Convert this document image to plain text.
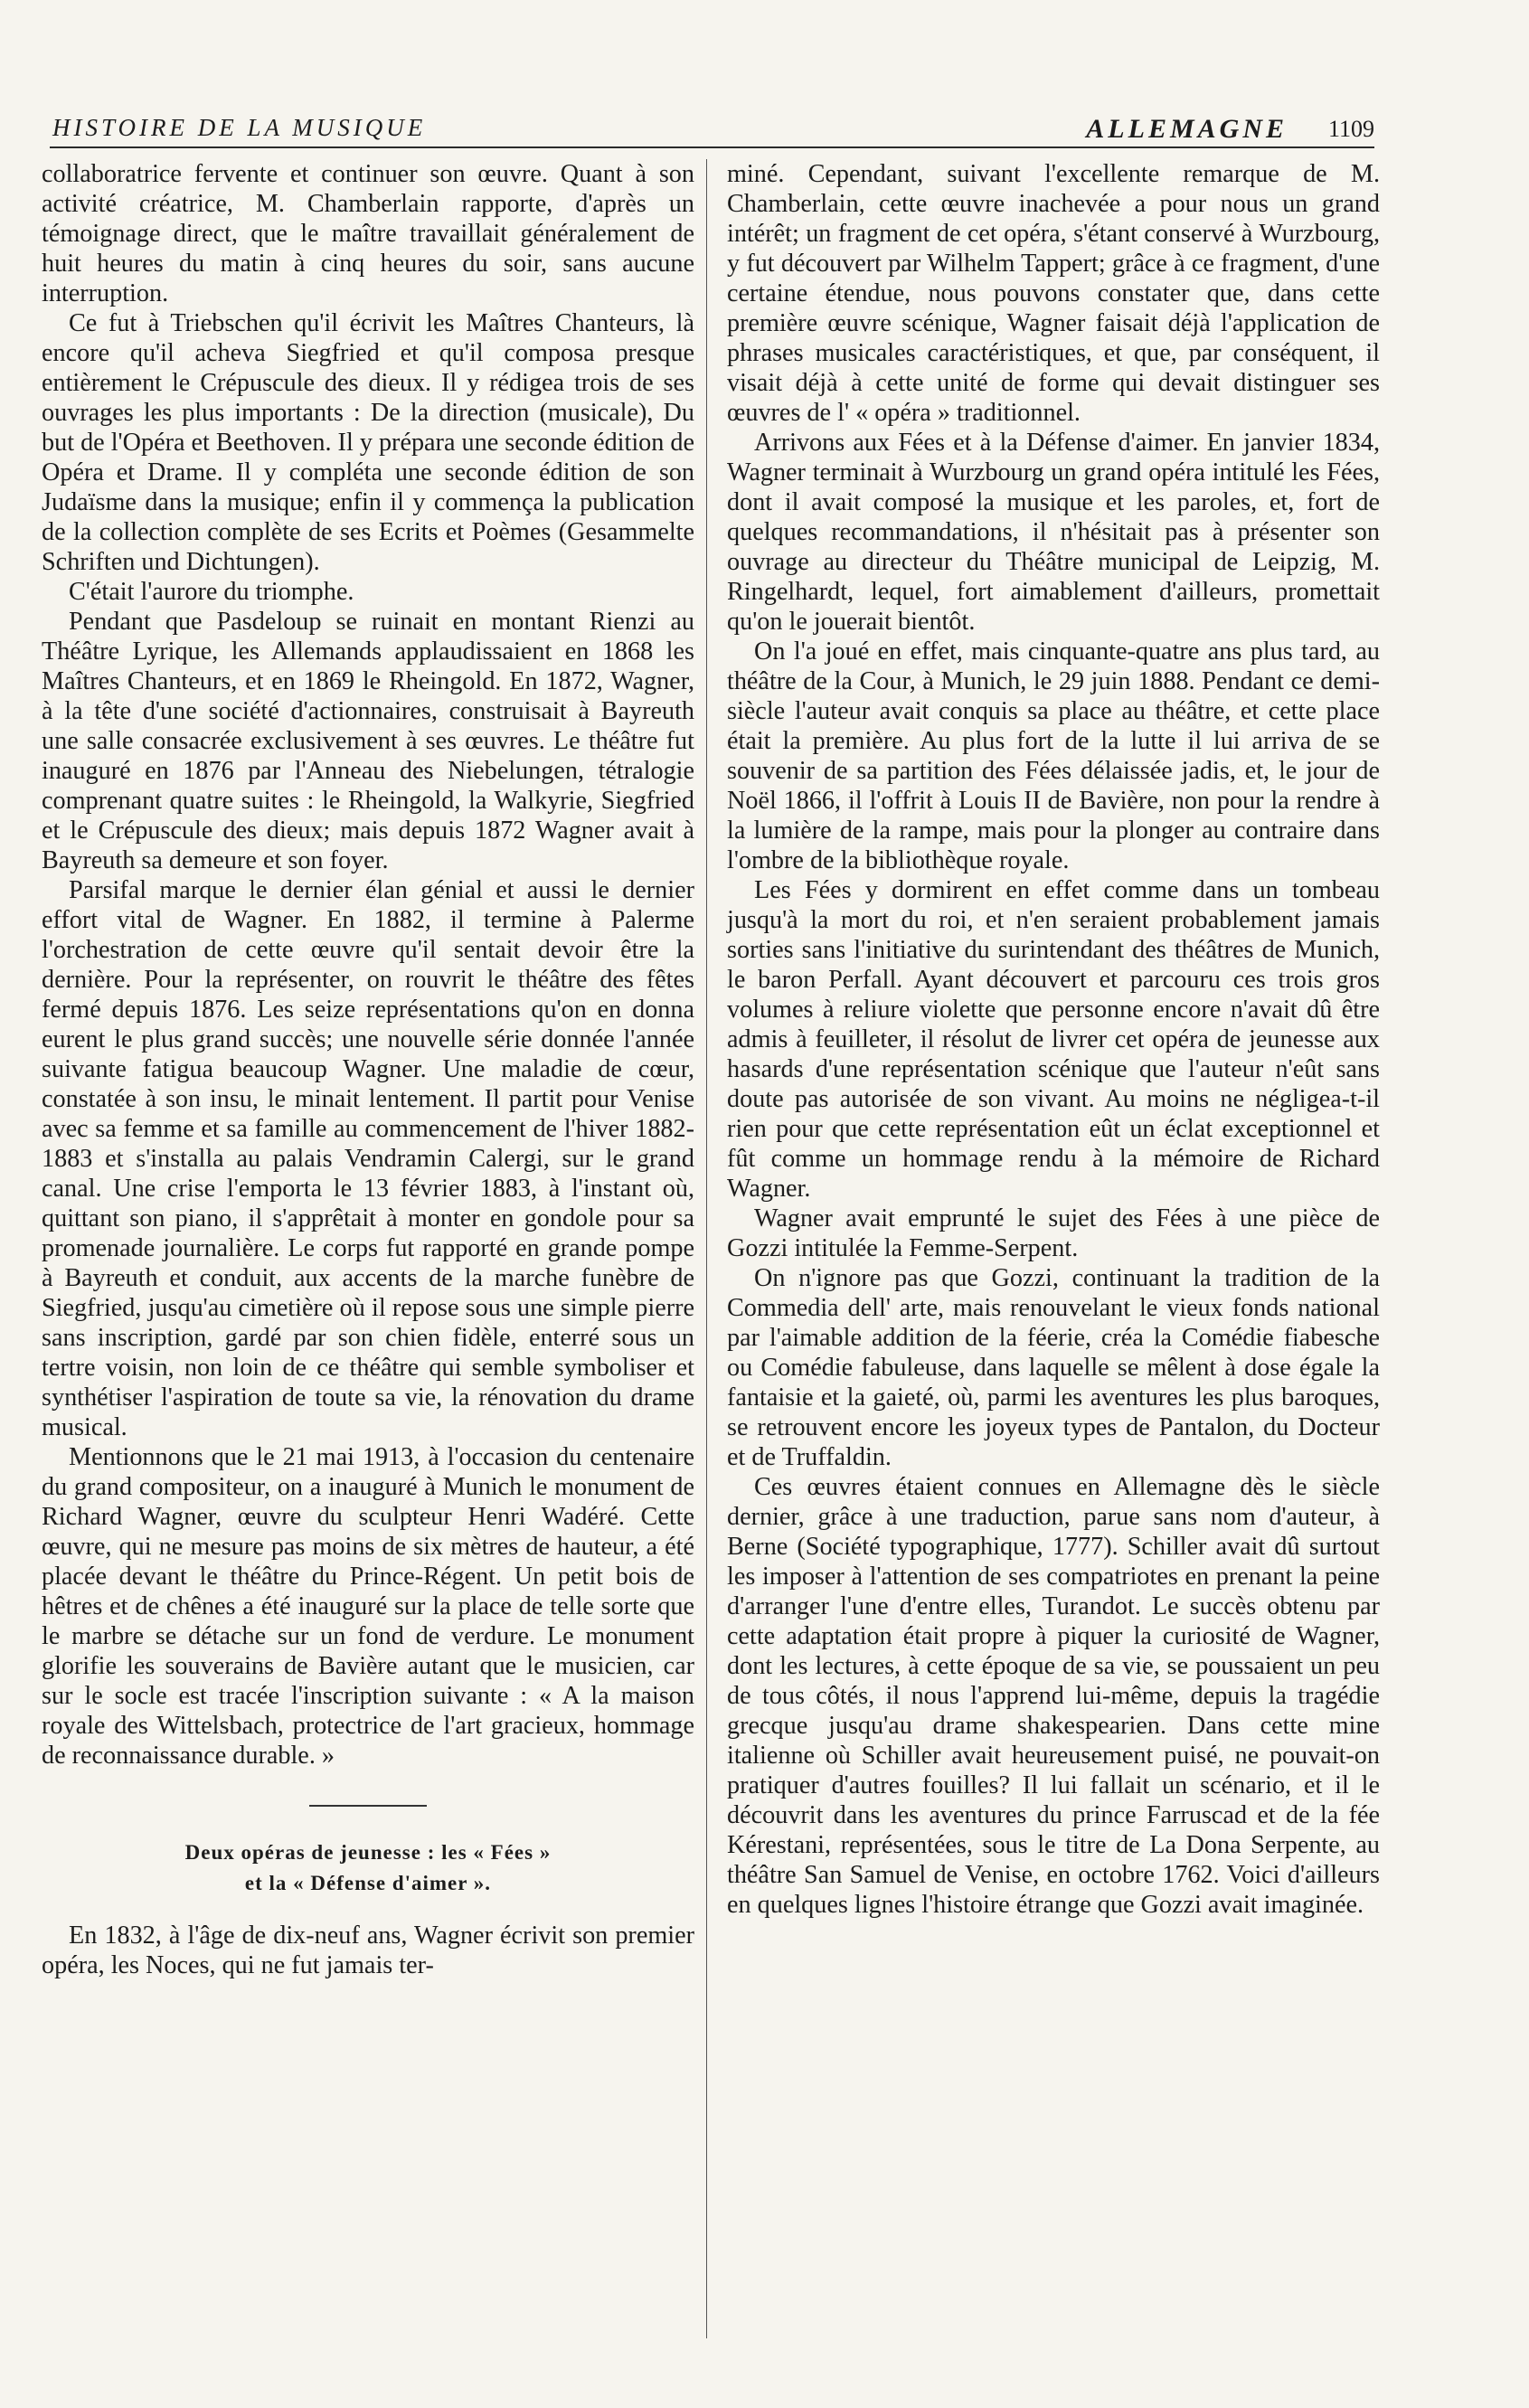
HISTOIRE DE LA MUSIQUE	ALLEMAGNE 1109

collaboratrice fervente et continuer son œuvre. Quant à son activité créatrice, M. Chamberlain rapporte, d'après un témoignage direct, que le maître travaillait généralement de huit heures du matin à cinq heures du soir, sans aucune interruption.

Ce fut à Triebschen qu'il écrivit les Maîtres Chanteurs, là encore qu'il acheva Siegfried et qu'il composa presque entièrement le Crépuscule des dieux. Il y rédigea trois de ses ouvrages les plus importants : De la direction (musicale), Du but de l'Opéra et Beethoven. Il y prépara une seconde édition de Opéra et Drame. Il y compléta une seconde édition de son Judaïsme dans la musique; enfin il y commença la publication de la collection complète de ses Ecrits et Poèmes (Gesammelte Schriften und Dichtungen).

C'était l'aurore du triomphe.

Pendant que Pasdeloup se ruinait en montant Rienzi au Théâtre Lyrique, les Allemands applaudissaient en 1868 les Maîtres Chanteurs, et en 1869 le Rheingold. En 1872, Wagner, à la tête d'une société d'actionnaires, construisait à Bayreuth une salle consacrée exclusivement à ses œuvres. Le théâtre fut inauguré en 1876 par l'Anneau des Niebelungen, tétralogie comprenant quatre suites : le Rheingold, la Walkyrie, Siegfried et le Crépuscule des dieux; mais depuis 1872 Wagner avait à Bayreuth sa demeure et son foyer.

Parsifal marque le dernier élan génial et aussi le dernier effort vital de Wagner. En 1882, il termine à Palerme l'orchestration de cette œuvre qu'il sentait devoir être la dernière. Pour la représenter, on rouvrit le théâtre des fêtes fermé depuis 1876. Les seize représentations qu'on en donna eurent le plus grand succès; une nouvelle série donnée l'année suivante fatigua beaucoup Wagner. Une maladie de cœur, constatée à son insu, le minait lentement. Il partit pour Venise avec sa femme et sa famille au commencement de l'hiver 1882-1883 et s'installa au palais Vendramin Calergi, sur le grand canal. Une crise l'emporta le 13 février 1883, à l'instant où, quittant son piano, il s'apprêtait à monter en gondole pour sa promenade journalière. Le corps fut rapporté en grande pompe à Bayreuth et conduit, aux accents de la marche funèbre de Siegfried, jusqu'au cimetière où il repose sous une simple pierre sans inscription, gardé par son chien fidèle, enterré sous un tertre voisin, non loin de ce théâtre qui semble symboliser et synthétiser l'aspiration de toute sa vie, la rénovation du drame musical.

Mentionnons que le 21 mai 1913, à l'occasion du centenaire du grand compositeur, on a inauguré à Munich le monument de Richard Wagner, œuvre du sculpteur Henri Wadéré. Cette œuvre, qui ne mesure pas moins de six mètres de hauteur, a été placée devant le théâtre du Prince-Régent. Un petit bois de hêtres et de chênes a été inauguré sur la place de telle sorte que le marbre se détache sur un fond de verdure. Le monument glorifie les souverains de Bavière autant que le musicien, car sur le socle est tracée l'inscription suivante : « A la maison royale des Wittelsbach, protectrice de l'art gracieux, hommage de reconnaissance durable. »

Deux opéras de jeunesse : les « Fées »
et la « Défense d'aimer ».

En 1832, à l'âge de dix-neuf ans, Wagner écrivit son premier opéra, les Noces, qui ne fut jamais ter-

miné. Cependant, suivant l'excellente remarque de M. Chamberlain, cette œuvre inachevée a pour nous un grand intérêt; un fragment de cet opéra, s'étant conservé à Wurzbourg, y fut découvert par Wilhelm Tappert; grâce à ce fragment, d'une certaine étendue, nous pouvons constater que, dans cette première œuvre scénique, Wagner faisait déjà l'application de phrases musicales caractéristiques, et que, par conséquent, il visait déjà à cette unité de forme qui devait distinguer ses œuvres de l' « opéra » traditionnel.

Arrivons aux Fées et à la Défense d'aimer. En janvier 1834, Wagner terminait à Wurzbourg un grand opéra intitulé les Fées, dont il avait composé la musique et les paroles, et, fort de quelques recommandations, il n'hésitait pas à présenter son ouvrage au directeur du Théâtre municipal de Leipzig, M. Ringelhardt, lequel, fort aimablement d'ailleurs, promettait qu'on le jouerait bientôt.

On l'a joué en effet, mais cinquante-quatre ans plus tard, au théâtre de la Cour, à Munich, le 29 juin 1888. Pendant ce demi-siècle l'auteur avait conquis sa place au théâtre, et cette place était la première. Au plus fort de la lutte il lui arriva de se souvenir de sa partition des Fées délaissée jadis, et, le jour de Noël 1866, il l'offrit à Louis II de Bavière, non pour la rendre à la lumière de la rampe, mais pour la plonger au contraire dans l'ombre de la bibliothèque royale.

Les Fées y dormirent en effet comme dans un tombeau jusqu'à la mort du roi, et n'en seraient probablement jamais sorties sans l'initiative du surintendant des théâtres de Munich, le baron Perfall. Ayant découvert et parcouru ces trois gros volumes à reliure violette que personne encore n'avait dû être admis à feuilleter, il résolut de livrer cet opéra de jeunesse aux hasards d'une représentation scénique que l'auteur n'eût sans doute pas autorisée de son vivant. Au moins ne négligea-t-il rien pour que cette représentation eût un éclat exceptionnel et fût comme un hommage rendu à la mémoire de Richard Wagner.

Wagner avait emprunté le sujet des Fées à une pièce de Gozzi intitulée la Femme-Serpent.

On n'ignore pas que Gozzi, continuant la tradition de la Commedia dell' arte, mais renouvelant le vieux fonds national par l'aimable addition de la féerie, créa la Comédie fiabesche ou Comédie fabuleuse, dans laquelle se mêlent à dose égale la fantaisie et la gaieté, où, parmi les aventures les plus baroques, se retrouvent encore les joyeux types de Pantalon, du Docteur et de Truffaldin.

Ces œuvres étaient connues en Allemagne dès le siècle dernier, grâce à une traduction, parue sans nom d'auteur, à Berne (Société typographique, 1777). Schiller avait dû surtout les imposer à l'attention de ses compatriotes en prenant la peine d'arranger l'une d'entre elles, Turandot. Le succès obtenu par cette adaptation était propre à piquer la curiosité de Wagner, dont les lectures, à cette époque de sa vie, se poussaient un peu de tous côtés, il nous l'apprend lui-même, depuis la tragédie grecque jusqu'au drame shakespearien. Dans cette mine italienne où Schiller avait heureusement puisé, ne pouvait-on pratiquer d'autres fouilles? Il lui fallait un scénario, et il le découvrit dans les aventures du prince Farruscad et de la fée Kérestani, représentées, sous le titre de La Dona Serpente, au théâtre San Samuel de Venise, en octobre 1762. Voici d'ailleurs en quelques lignes l'histoire étrange que Gozzi avait imaginée.
